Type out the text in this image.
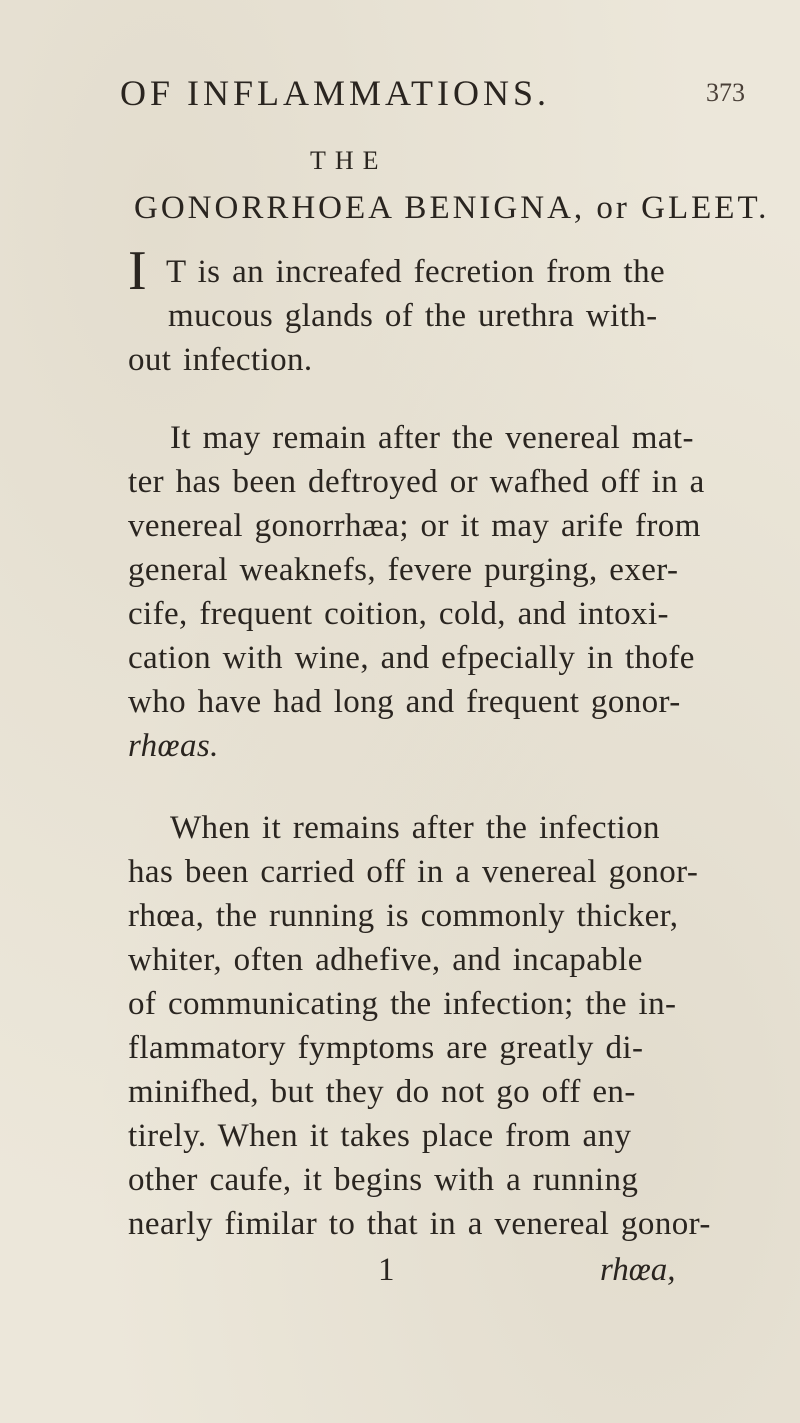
OF INFLAMMATIONS.	373
THE
GONORRHOEA BENIGNA, or GLEET.
I T is an increafed fecretion from the
mucous glands of the urethra with-
out infection.
It may remain after the venereal mat-
ter has been deftroyed or wafhed off in a
venereal gonorrhæa; or it may arife from
general weaknefs, fevere purging, exer-
cife, frequent coition, cold, and intoxi-
cation with wine, and efpecially in thofe
who have had long and frequent gonor-
rhœas.
When it remains after the infection
has been carried off in a venereal gonor-
rhœa, the running is commonly thicker,
whiter, often adhefive, and incapable
of communicating the infection; the in-
flammatory fymptoms are greatly di-
minifhed, but they do not go off en-
tirely. When it takes place from any
other caufe, it begins with a running
nearly fimilar to that in a venereal gonor-
1	rhœa,
